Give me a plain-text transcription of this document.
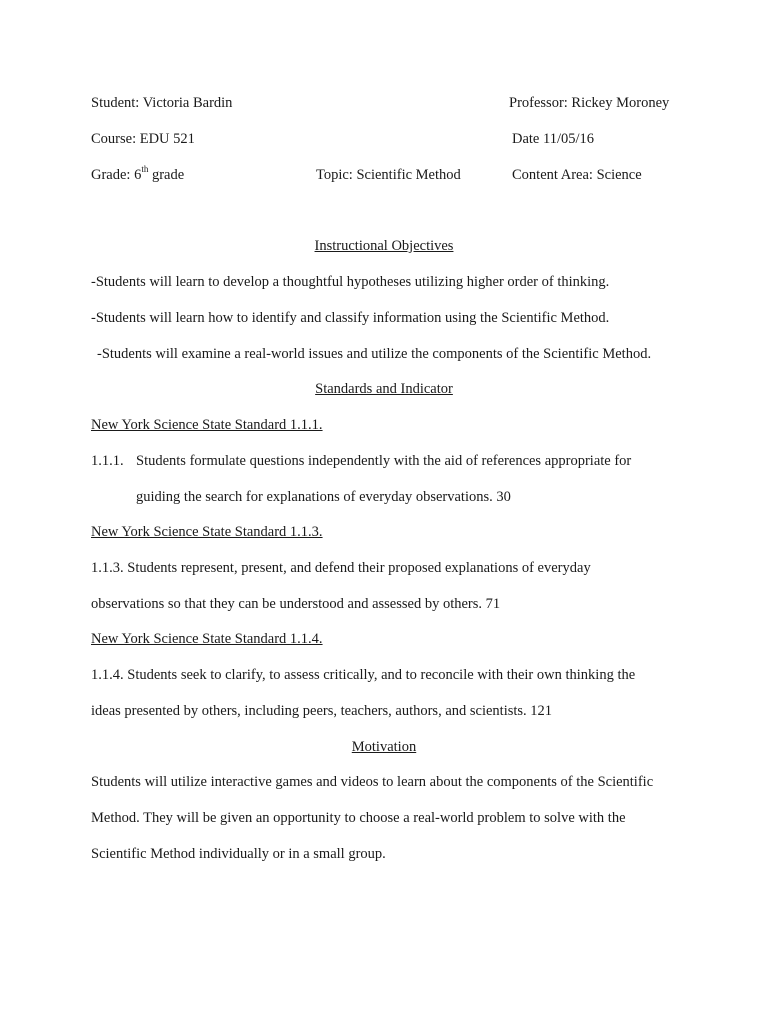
Student: Victoria Bardin	Professor: Rickey Moroney
Course: EDU 521	Date 11/05/16
Grade: 6th grade	Topic: Scientific Method	Content Area: Science
Instructional Objectives
-Students will learn to develop a thoughtful hypotheses utilizing higher order of thinking.
-Students will learn how to identify and classify information using the Scientific Method.
-Students will examine a real-world issues and utilize the components of the Scientific Method.
Standards and Indicator
New York Science State Standard 1.1.1.
1.1.1. Students formulate questions independently with the aid of references appropriate for
guiding the search for explanations of everyday observations. 30
New York Science State Standard 1.1.3.
1.1.3. Students represent, present, and defend their proposed explanations of everyday
observations so that they can be understood and assessed by others. 71
New York Science State Standard 1.1.4.
1.1.4. Students seek to clarify, to assess critically, and to reconcile with their own thinking the
ideas presented by others, including peers, teachers, authors, and scientists. 121
Motivation
Students will utilize interactive games and videos to learn about the components of the Scientific
Method. They will be given an opportunity to choose a real-world problem to solve with the
Scientific Method individually or in a small group.
